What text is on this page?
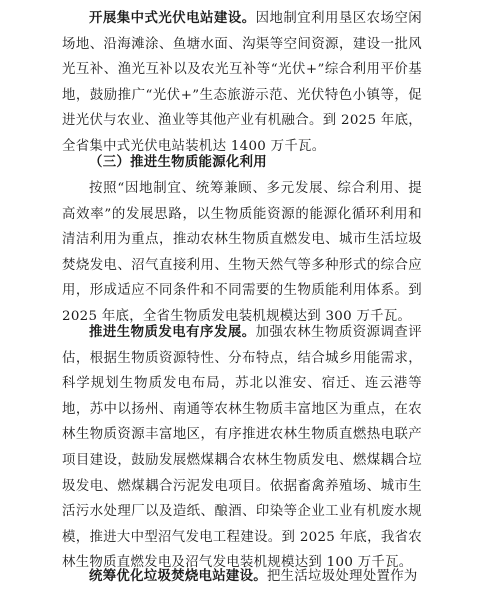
开展集中式光伏电站建设。因地制宜利用垦区农场空闲场地、沿海滩涂、鱼塘水面、沟渠等空间资源，建设一批风光互补、渔光互补以及农光互补等“光伏+”综合利用平价基地，鼓励推广“光伏+”生态旅游示范、光伏特色小镇等，促进光伏与农业、渔业等其他产业有机融合。到 2025 年底，全省集中式光伏电站装机达 1400 万千瓦。

（三）推进生物质能源化利用

按照“因地制宜、统筹兼顾、多元发展、综合利用、提高效率”的发展思路，以生物质能资源的能源化循环利用和清洁利用为重点，推动农林生物质直燃发电、城市生活垃圾焚烧发电、沼气直接利用、生物天然气等多种形式的综合应用，形成适应不同条件和不同需要的生物质能利用体系。到 2025 年底，全省生物质发电装机规模达到 300 万千瓦。

推进生物质发电有序发展。加强农林生物质资源调查评估，根据生物质资源特性、分布特点，结合城乡用能需求，科学规划生物质发电布局，苏北以淮安、宿迁、连云港等地，苏中以扬州、南通等农林生物质丰富地区为重点，在农林生物质资源丰富地区，有序推进农林生物质直燃热电联产项目建设，鼓励发展燃煤耦合农林生物质发电、燃煤耦合垃圾发电、燃煤耦合污泥发电项目。依据畜禽养殖场、城市生活污水处理厂以及造纸、酿酒、印染等企业工业有机废水规模，推进大中型沼气发电工程建设。到 2025 年底，我省农林生物质直燃发电及沼气发电装机规模达到 100 万千瓦。

统筹优化垃圾焚烧电站建设。把生活垃圾处理处置作为
